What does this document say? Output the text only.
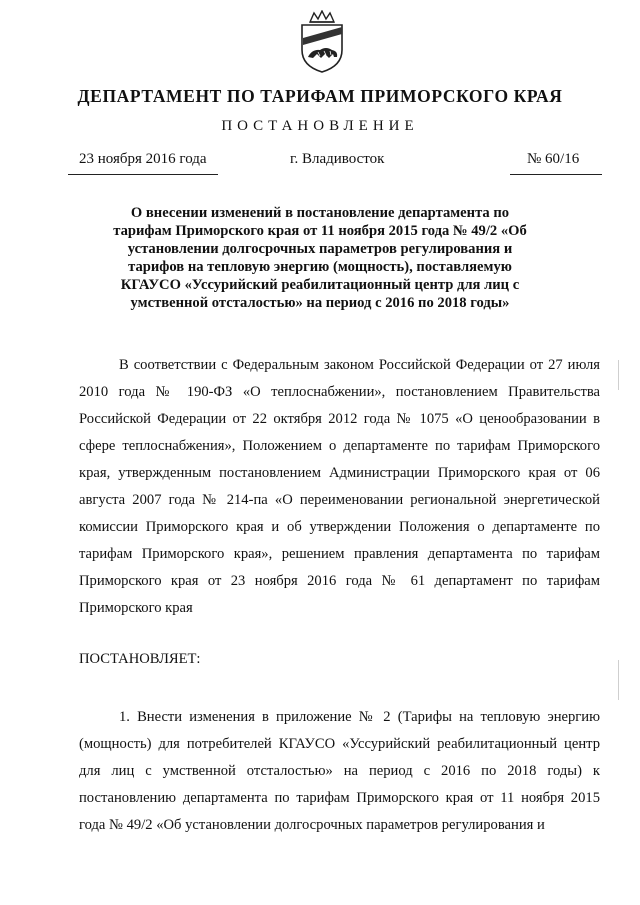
ДЕПАРТАМЕНТ ПО ТАРИФАМ ПРИМОРСКОГО КРАЯ
ПОСТАНОВЛЕНИЕ
23 ноября 2016 года	г. Владивосток	№ 60/16
О внесении изменений в постановление департамента по тарифам Приморского края от 11 ноября 2015 года № 49/2 «Об установлении долгосрочных параметров регулирования и тарифов на тепловую энергию (мощность), поставляемую КГАУСО «Уссурийский реабилитационный центр для лиц с умственной отсталостью» на период с 2016 по 2018 годы»
В соответствии с Федеральным законом Российской Федерации от 27 июля 2010 года № 190-ФЗ «О теплоснабжении», постановлением Правительства Российской Федерации от 22 октября 2012 года № 1075 «О ценообразовании в сфере теплоснабжения», Положением о департаменте по тарифам Приморского края, утвержденным постановлением Администрации Приморского края от 06 августа 2007 года № 214-па «О переименовании региональной энергетической комиссии Приморского края и об утверждении Положения о департаменте по тарифам Приморского края», решением правления департамента по тарифам Приморского края от 23 ноября 2016 года № 61 департамент по тарифам Приморского края
ПОСТАНОВЛЯЕТ:
1. Внести изменения в приложение № 2 (Тарифы на тепловую энергию (мощность) для потребителей КГАУСО «Уссурийский реабилитационный центр для лиц с умственной отсталостью» на период с 2016 по 2018 годы) к постановлению департамента по тарифам Приморского края от 11 ноября 2015 года № 49/2 «Об установлении долгосрочных параметров регулирования и
